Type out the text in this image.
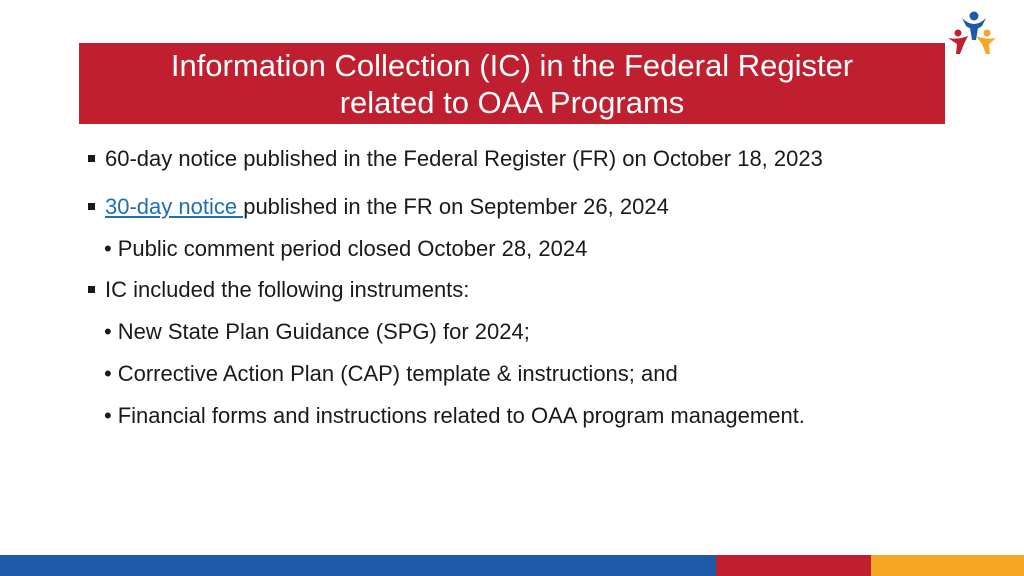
Information Collection (IC) in the Federal Register
related to OAA Programs
60-day notice published in the Federal Register (FR) on October 18, 2023
30-day notice published in the FR on September 26, 2024
• Public comment period closed October 28, 2024
IC included the following instruments:
• New State Plan Guidance (SPG) for 2024;
• Corrective Action Plan (CAP) template & instructions; and
• Financial forms and instructions related to OAA program management.
